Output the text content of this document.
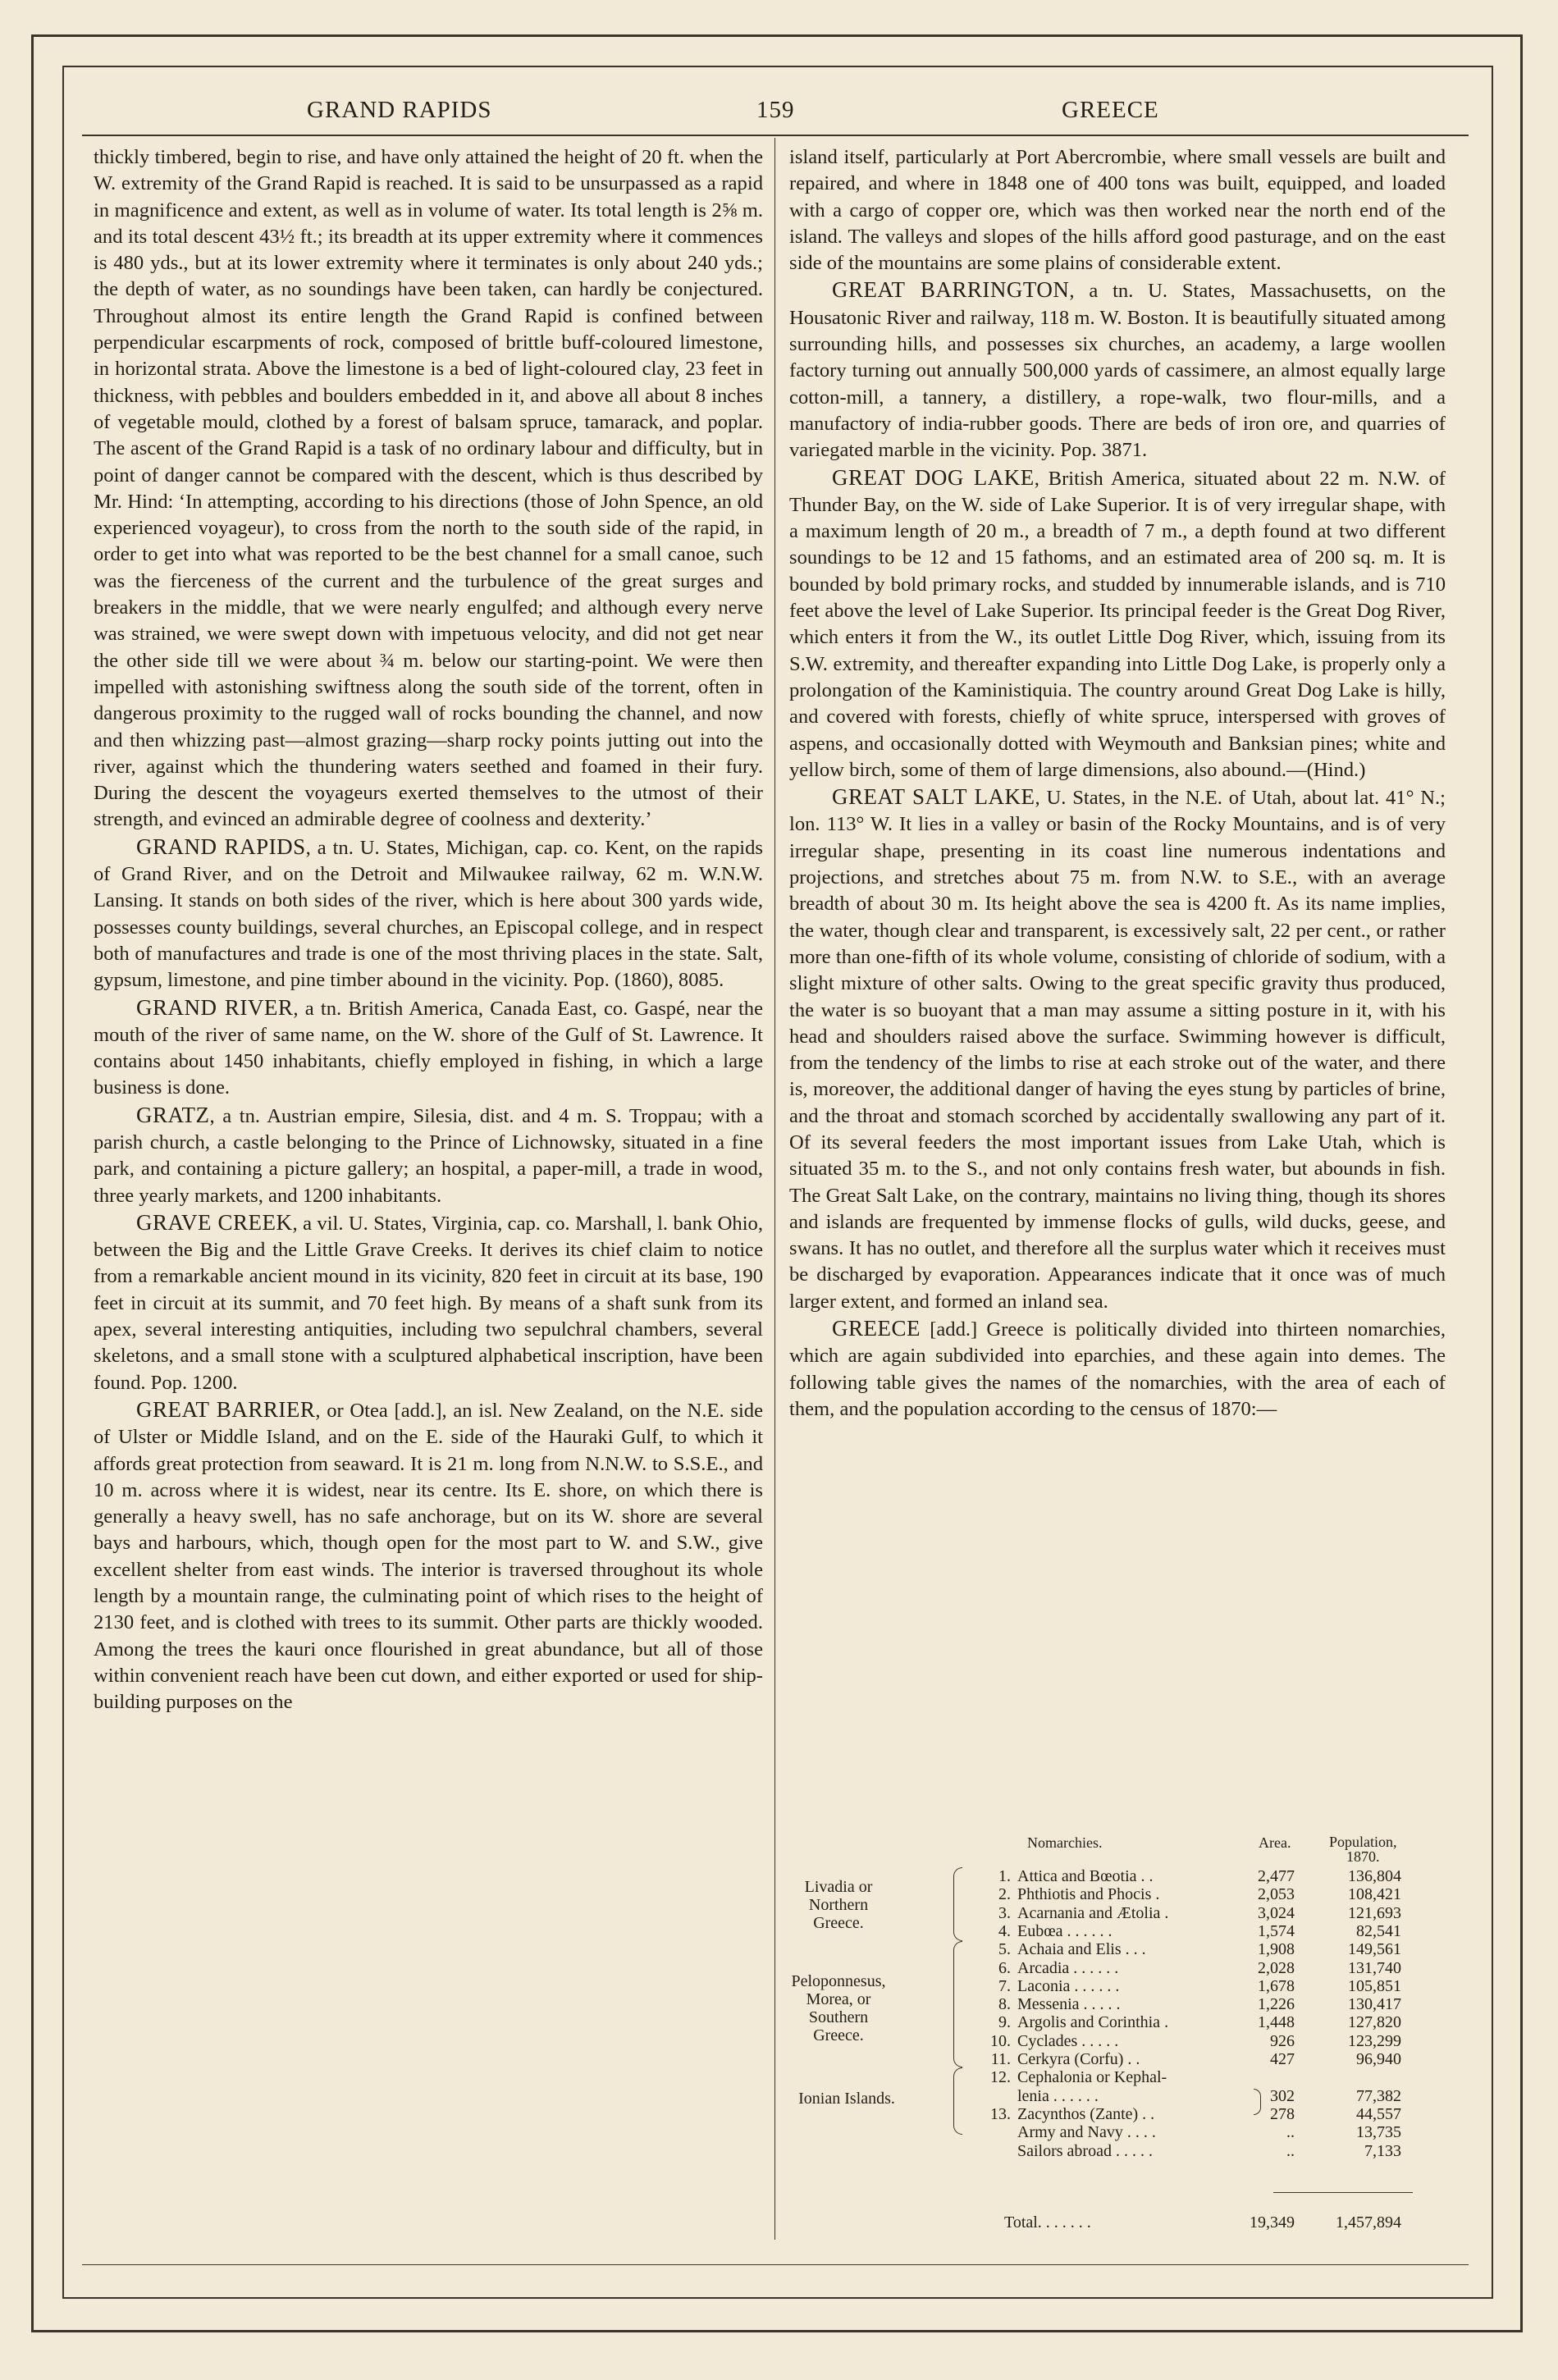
GRAND RAPIDS	159	GREECE

thickly timbered, begin to rise, and have only attained the height of 20 ft. when the W. extremity of the Grand Rapid is reached. It is said to be unsurpassed as a rapid in magnificence and extent, as well as in volume of water. Its total length is 2⅝ m. and its total descent 43½ ft.; its breadth at its upper extremity where it commences is 480 yds., but at its lower extremity where it terminates is only about 240 yds.; the depth of water, as no soundings have been taken, can hardly be conjectured. Throughout almost its entire length the Grand Rapid is confined between perpendicular escarpments of rock, composed of brittle buff-coloured limestone, in horizontal strata. Above the limestone is a bed of light-coloured clay, 23 feet in thickness, with pebbles and boulders embedded in it, and above all about 8 inches of vegetable mould, clothed by a forest of balsam spruce, tamarack, and poplar. The ascent of the Grand Rapid is a task of no ordinary labour and difficulty, but in point of danger cannot be compared with the descent, which is thus described by Mr. Hind: ‘In attempting, according to his directions (those of John Spence, an old experienced voyageur), to cross from the north to the south side of the rapid, in order to get into what was reported to be the best channel for a small canoe, such was the fierceness of the current and the turbulence of the great surges and breakers in the middle, that we were nearly engulfed; and although every nerve was strained, we were swept down with impetuous velocity, and did not get near the other side till we were about ¾ m. below our starting-point. We were then impelled with astonishing swiftness along the south side of the torrent, often in dangerous proximity to the rugged wall of rocks bounding the channel, and now and then whizzing past—almost grazing—sharp rocky points jutting out into the river, against which the thundering waters seethed and foamed in their fury. During the descent the voyageurs exerted themselves to the utmost of their strength, and evinced an admirable degree of coolness and dexterity.’

GRAND RAPIDS, a tn. U. States, Michigan, cap. co. Kent, on the rapids of Grand River, and on the Detroit and Milwaukee railway, 62 m. W.N.W. Lansing. It stands on both sides of the river, which is here about 300 yards wide, possesses county buildings, several churches, an Episcopal college, and in respect both of manufactures and trade is one of the most thriving places in the state. Salt, gypsum, limestone, and pine timber abound in the vicinity. Pop. (1860), 8085.

GRAND RIVER, a tn. British America, Canada East, co. Gaspé, near the mouth of the river of same name, on the W. shore of the Gulf of St. Lawrence. It contains about 1450 inhabitants, chiefly employed in fishing, in which a large business is done.

GRATZ, a tn. Austrian empire, Silesia, dist. and 4 m. S. Troppau; with a parish church, a castle belonging to the Prince of Lichnowsky, situated in a fine park, and containing a picture gallery; an hospital, a paper-mill, a trade in wood, three yearly markets, and 1200 inhabitants.

GRAVE CREEK, a vil. U. States, Virginia, cap. co. Marshall, l. bank Ohio, between the Big and the Little Grave Creeks. It derives its chief claim to notice from a remarkable ancient mound in its vicinity, 820 feet in circuit at its base, 190 feet in circuit at its summit, and 70 feet high. By means of a shaft sunk from its apex, several interesting antiquities, including two sepulchral chambers, several skeletons, and a small stone with a sculptured alphabetical inscription, have been found. Pop. 1200.

GREAT BARRIER, or Otea [add.], an isl. New Zealand, on the N.E. side of Ulster or Middle Island, and on the E. side of the Hauraki Gulf, to which it affords great protection from seaward. It is 21 m. long from N.N.W. to S.S.E., and 10 m. across where it is widest, near its centre. Its E. shore, on which there is generally a heavy swell, has no safe anchorage, but on its W. shore are several bays and harbours, which, though open for the most part to W. and S.W., give excellent shelter from east winds. The interior is traversed throughout its whole length by a mountain range, the culminating point of which rises to the height of 2130 feet, and is clothed with trees to its summit. Other parts are thickly wooded. Among the trees the kauri once flourished in great abundance, but all of those within convenient reach have been cut down, and either exported or used for ship-building purposes on the

island itself, particularly at Port Abercrombie, where small vessels are built and repaired, and where in 1848 one of 400 tons was built, equipped, and loaded with a cargo of copper ore, which was then worked near the north end of the island. The valleys and slopes of the hills afford good pasturage, and on the east side of the mountains are some plains of considerable extent.

GREAT BARRINGTON, a tn. U. States, Massachusetts, on the Housatonic River and railway, 118 m. W. Boston. It is beautifully situated among surrounding hills, and possesses six churches, an academy, a large woollen factory turning out annually 500,000 yards of cassimere, an almost equally large cotton-mill, a tannery, a distillery, a rope-walk, two flour-mills, and a manufactory of india-rubber goods. There are beds of iron ore, and quarries of variegated marble in the vicinity. Pop. 3871.

GREAT DOG LAKE, British America, situated about 22 m. N.W. of Thunder Bay, on the W. side of Lake Superior. It is of very irregular shape, with a maximum length of 20 m., a breadth of 7 m., a depth found at two different soundings to be 12 and 15 fathoms, and an estimated area of 200 sq. m. It is bounded by bold primary rocks, and studded by innumerable islands, and is 710 feet above the level of Lake Superior. Its principal feeder is the Great Dog River, which enters it from the W., its outlet Little Dog River, which, issuing from its S.W. extremity, and thereafter expanding into Little Dog Lake, is properly only a prolongation of the Kaministiquia. The country around Great Dog Lake is hilly, and covered with forests, chiefly of white spruce, interspersed with groves of aspens, and occasionally dotted with Weymouth and Banksian pines; white and yellow birch, some of them of large dimensions, also abound.—(Hind.)

GREAT SALT LAKE, U. States, in the N.E. of Utah, about lat. 41° N.; lon. 113° W. It lies in a valley or basin of the Rocky Mountains, and is of very irregular shape, presenting in its coast line numerous indentations and projections, and stretches about 75 m. from N.W. to S.E., with an average breadth of about 30 m. Its height above the sea is 4200 ft. As its name implies, the water, though clear and transparent, is excessively salt, 22 per cent., or rather more than one-fifth of its whole volume, consisting of chloride of sodium, with a slight mixture of other salts. Owing to the great specific gravity thus produced, the water is so buoyant that a man may assume a sitting posture in it, with his head and shoulders raised above the surface. Swimming however is difficult, from the tendency of the limbs to rise at each stroke out of the water, and there is, moreover, the additional danger of having the eyes stung by particles of brine, and the throat and stomach scorched by accidentally swallowing any part of it. Of its several feeders the most important issues from Lake Utah, which is situated 35 m. to the S., and not only contains fresh water, but abounds in fish. The Great Salt Lake, on the contrary, maintains no living thing, though its shores and islands are frequented by immense flocks of gulls, wild ducks, geese, and swans. It has no outlet, and therefore all the surplus water which it receives must be discharged by evaporation. Appearances indicate that it once was of much larger extent, and formed an inland sea.

GREECE [add.] Greece is politically divided into thirteen nomarchies, which are again subdivided into eparchies, and these again into demes. The following table gives the names of the nomarchies, with the area of each of them, and the population according to the census of 1870:—

Nomarchies.	Area.	Population,
1870.
Livadia or
Northern
Greece.
Peloponnesus,
Morea, or
Southern
Greece.
Ionian Islands.
1. Attica and Bœotia . .	2,477	136,804
2. Phthiotis and Phocis .	2,053	108,421
3. Acarnania and Ætolia .	3,024	121,693
4. Eubœa . . . . . .	1,574	82,541
5. Achaia and Elis . . .	1,908	149,561
6. Arcadia . . . . . .	2,028	131,740
7. Laconia . . . . . .	1,678	105,851
8. Messenia . . . . .	1,226	130,417
9. Argolis and Corinthia .	1,448	127,820
10. Cyclades . . . . .	926	123,299
11. Cerkyra (Corfu) . .	427	96,940
12. Cephalonia or Kephal-
lenia . . . . . .	302	77,382
13. Zacynthos (Zante) . .	278	44,557
Army and Navy . . . .	..	13,735
Sailors abroad . . . . .	..	7,133
Total. . . . . . .	19,349	1,457,894
